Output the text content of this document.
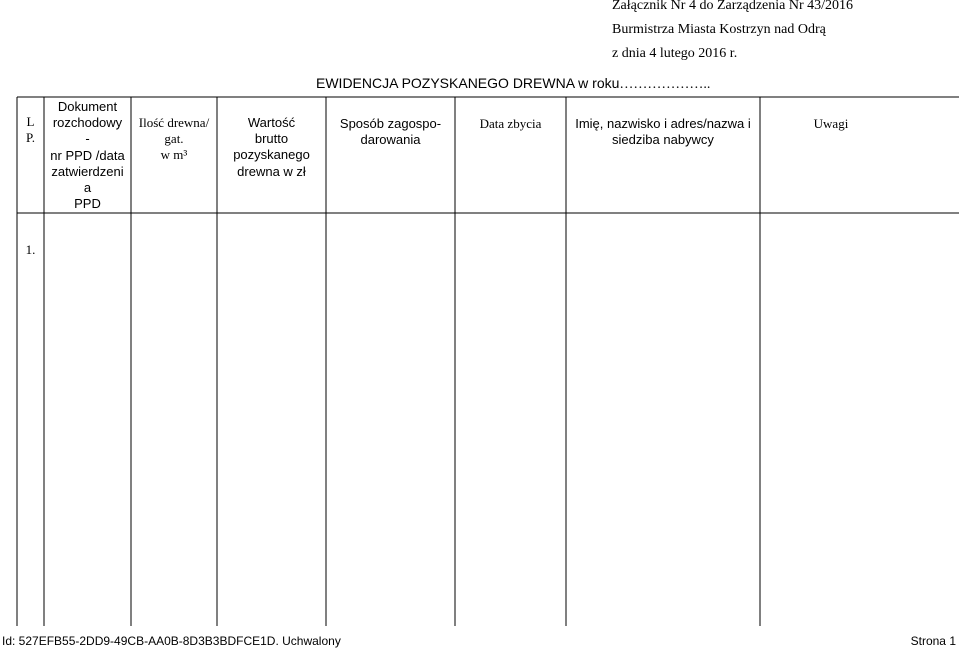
Załącznik Nr 4 do Zarządzenia Nr 43/2016
Burmistrza Miasta Kostrzyn nad Odrą
z dnia 4 lutego 2016 r.
EWIDENCJA POZYSKANEGO DREWNA w roku………………..
L
P.
Dokument
rozchodowy
-
nr PPD /data
zatwierdzeni
a
PPD
Ilość drewna/
gat.
w m³
Wartość
brutto
pozyskanego
drewna w zł
Sposób zagospo-
darowania
Data zbycia	Imię, nazwisko i adres/nazwa i
siedziba nabywcy
Uwagi
1.
Id: 527EFB55-2DD9-49CB-AA0B-8D3B3BDFCE1D. Uchwalony	Strona 1
